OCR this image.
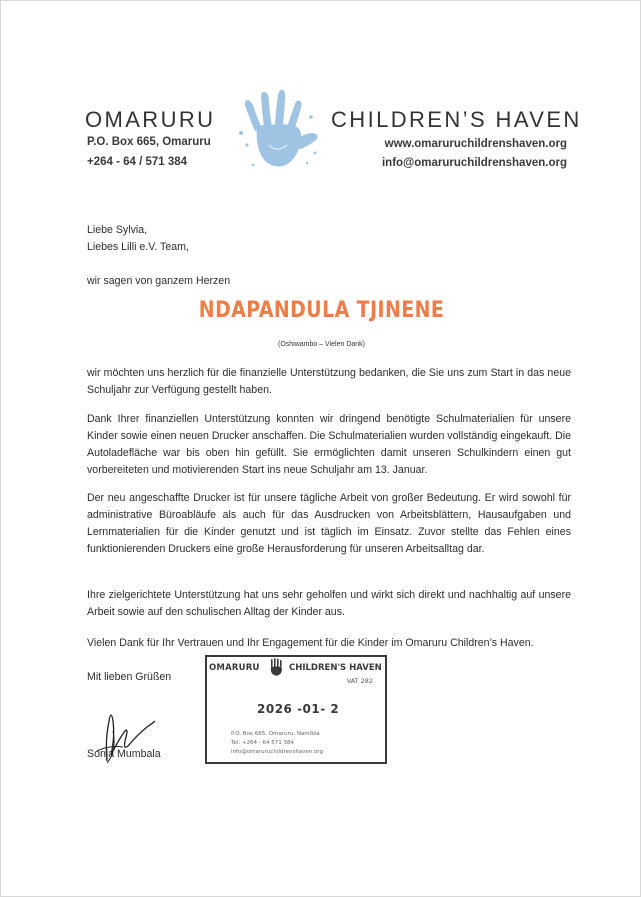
OMARURU	CHILDREN’S HAVEN
P.O. Box 665, Omaruru
+264 - 64 / 571 384
www.omaruruchildrenshaven.org
info@omaruruchildrenshaven.org
Liebe Sylvia,
Liebes Lilli e.V. Team,
wir sagen von ganzem Herzen
NDAPANDULA TJINENE
(Oshiwambo – Vielen Dank)
wir möchten uns herzlich für die finanzielle Unterstützung bedanken, die Sie uns zum Start in das neue Schuljahr zur Verfügung gestellt haben.
Dank Ihrer finanziellen Unterstützung konnten wir dringend benötigte Schulmaterialien für unsere Kinder sowie einen neuen Drucker anschaffen. Die Schulmaterialien wurden vollständig eingekauft. Die Autoladefläche war bis oben hin gefüllt. Sie ermöglichten damit unseren Schulkindern einen gut vorbereiteten und motivierenden Start ins neue Schuljahr am 13. Januar.
Der neu angeschaffte Drucker ist für unsere tägliche Arbeit von großer Bedeutung. Er wird sowohl für administrative Büroabläufe als auch für das Ausdrucken von Arbeitsblättern, Hausaufgaben und Lernmaterialien für die Kinder genutzt und ist täglich im Einsatz. Zuvor stellte das Fehlen eines funktionierenden Druckers eine große Herausforderung für unseren Arbeitsalltag dar.
Ihre zielgerichtete Unterstützung hat uns sehr geholfen und wirkt sich direkt und nachhaltig auf unsere Arbeit sowie auf den schulischen Alltag der Kinder aus.
Vielen Dank für Ihr Vertrauen und Ihr Engagement für die Kinder im Omaruru Children’s Haven.
Mit lieben Grüßen
Sonja Mumbala
OMARURU	CHILDREN'S HAVEN
VAT 282
2026 -01- 2
P.O. Box 665, Omaruru, Namibia
Tel: +264 - 64 571 384
info@omaruruchildrenshaven.org
